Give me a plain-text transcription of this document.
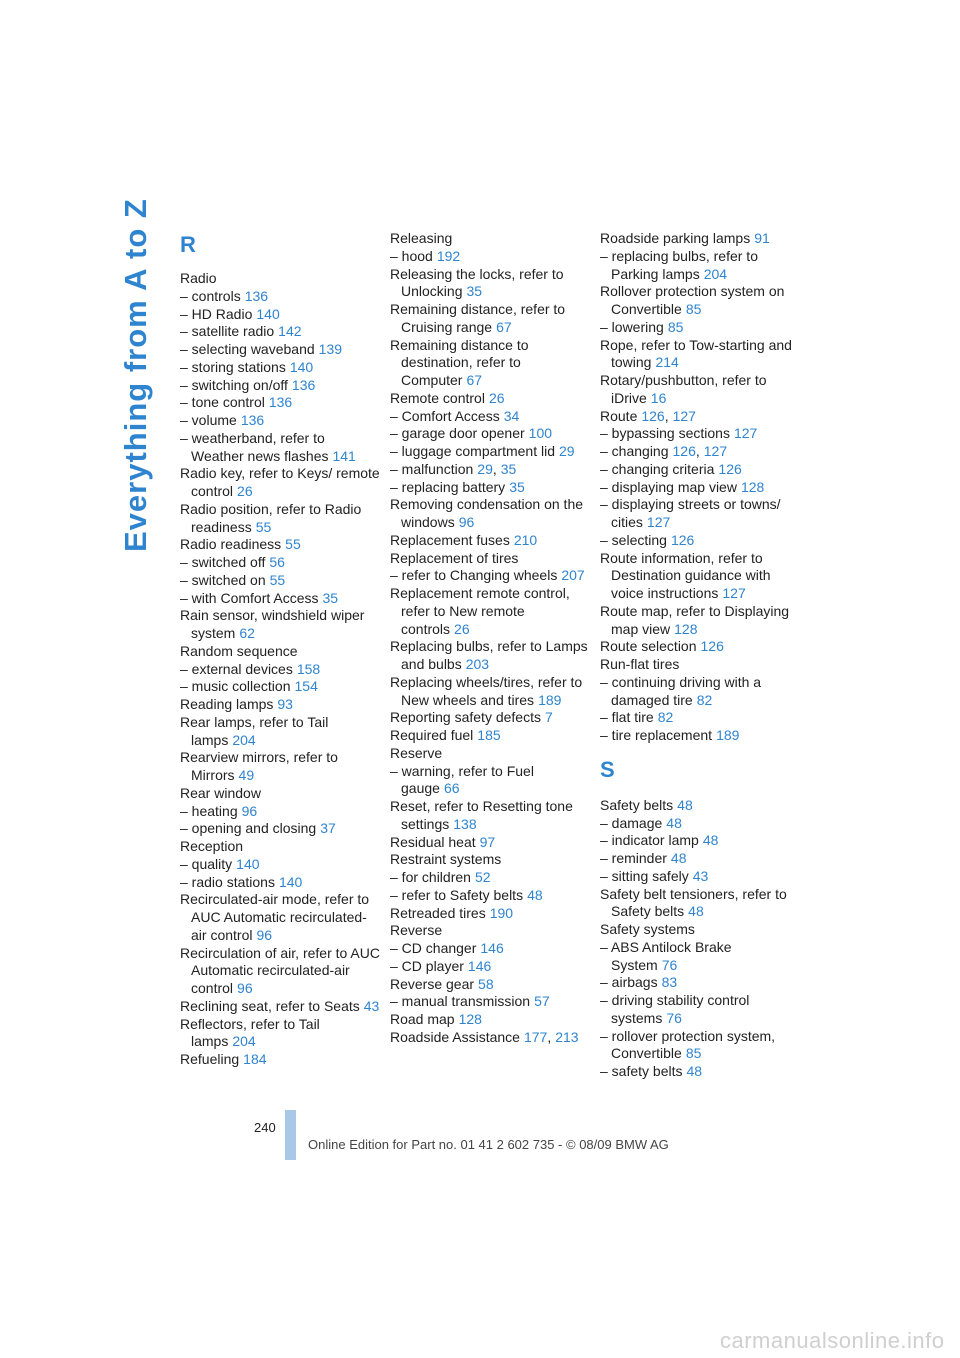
Everything from A to Z R
Radio
– controls 136
– HD Radio 140
– satellite radio 142
– selecting waveband 139
– storing stations 140
– switching on/off 136
– tone control 136
– volume 136
– weatherband, refer to Weather news flashes 141
Radio key, refer to Keys/ remote control 26
Radio position, refer to Radio readiness 55
Radio readiness 55
– switched off 56
– switched on 55
– with Comfort Access 35
Rain sensor, windshield wiper system 62
Random sequence
– external devices 158
– music collection 154
Reading lamps 93
Rear lamps, refer to Tail lamps 204
Rearview mirrors, refer to Mirrors 49
Rear window
– heating 96
– opening and closing 37
Reception
– quality 140
– radio stations 140
Recirculated-air mode, refer to AUC Automatic recirculated-air control 96
Recirculation of air, refer to AUC Automatic recirculated-air control 96
Reclining seat, refer to Seats 43
Reflectors, refer to Tail lamps 204
Refueling 184
Releasing
– hood 192
Releasing the locks, refer to Unlocking 35
Remaining distance, refer to Cruising range 67
Remaining distance to destination, refer to Computer 67
Remote control 26
– Comfort Access 34
– garage door opener 100
– luggage compartment lid 29
– malfunction 29, 35
– replacing battery 35
Removing condensation on the windows 96
Replacement fuses 210
Replacement of tires
– refer to Changing wheels 207
Replacement remote control, refer to New remote controls 26
Replacing bulbs, refer to Lamps and bulbs 203
Replacing wheels/tires, refer to New wheels and tires 189
Reporting safety defects 7
Required fuel 185
Reserve
– warning, refer to Fuel gauge 66
Reset, refer to Resetting tone settings 138
Residual heat 97
Restraint systems
– for children 52
– refer to Safety belts 48
Retreaded tires 190
Reverse
– CD changer 146
– CD player 146
Reverse gear 58
– manual transmission 57
Road map 128
Roadside Assistance 177, 213
Roadside parking lamps 91
– replacing bulbs, refer to Parking lamps 204
Rollover protection system on Convertible 85
– lowering 85
Rope, refer to Tow-starting and towing 214
Rotary/pushbutton, refer to iDrive 16
Route 126, 127
– bypassing sections 127
– changing 126, 127
– changing criteria 126
– displaying map view 128
– displaying streets or towns/ cities 127
– selecting 126
Route information, refer to Destination guidance with voice instructions 127
Route map, refer to Displaying map view 128
Route selection 126
Run-flat tires
– continuing driving with a damaged tire 82
– flat tire 82
– tire replacement 189
S
Safety belts 48
– damage 48
– indicator lamp 48
– reminder 48
– sitting safely 43
Safety belt tensioners, refer to Safety belts 48
Safety systems
– ABS Antilock Brake System 76
– airbags 83
– driving stability control systems 76
– rollover protection system, Convertible 85
– safety belts 48
240
Online Edition for Part no. 01 41 2 602 735 - © 08/09 BMW AG
carmanualsonline.info
